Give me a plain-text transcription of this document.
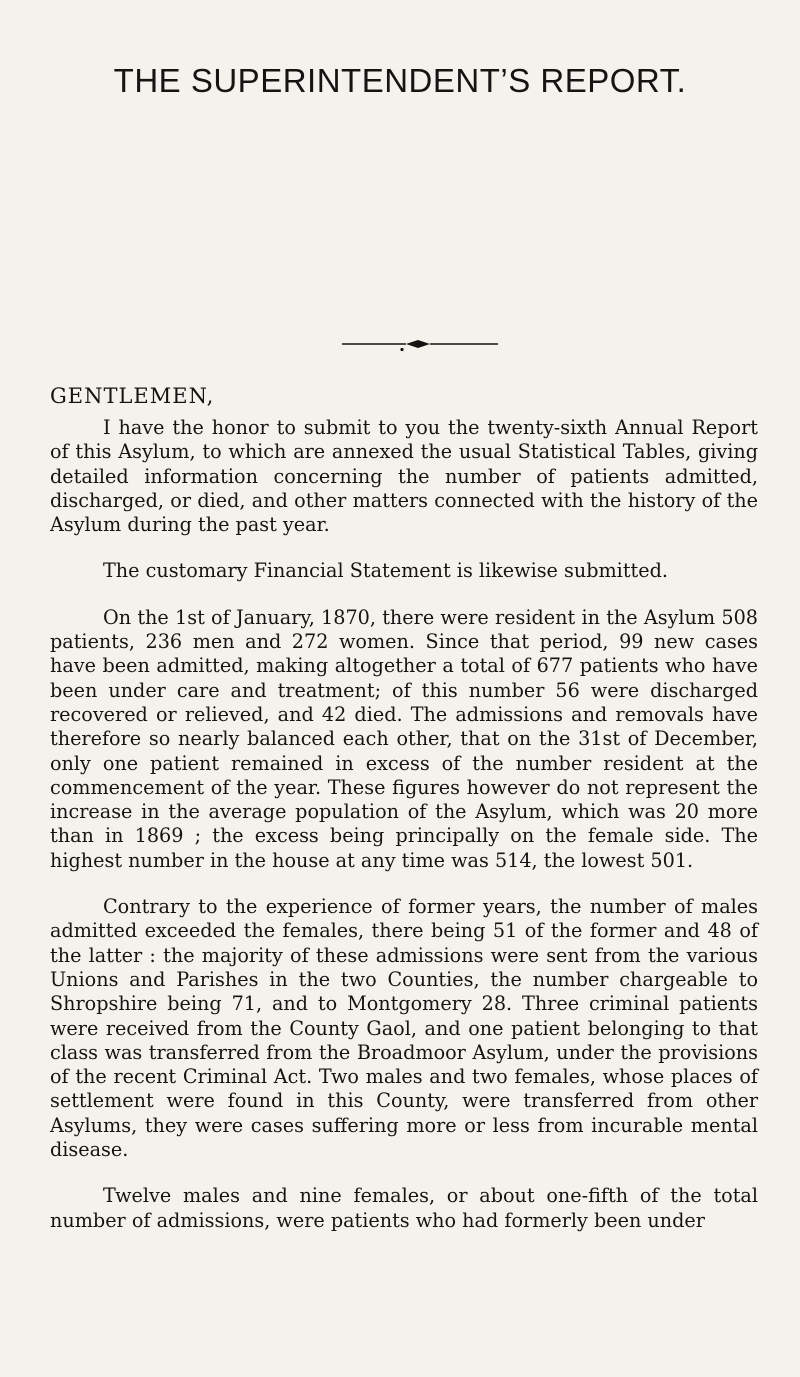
THE SUPERINTENDENT’S REPORT.

GENTLEMEN,

I have the honor to submit to you the twenty-sixth Annual Report of this Asylum, to which are annexed the usual Statistical Tables, giving detailed information concerning the number of patients admitted, discharged, or died, and other matters connected with the history of the Asylum during the past year.

The customary Financial Statement is likewise submitted.

On the 1st of January, 1870, there were resident in the Asylum 508 patients, 236 men and 272 women. Since that period, 99 new cases have been admitted, making altogether a total of 677 patients who have been under care and treatment; of this number 56 were discharged recovered or relieved, and 42 died. The admissions and removals have therefore so nearly balanced each other, that on the 31st of December, only one patient remained in excess of the number resident at the commencement of the year. These figures however do not represent the increase in the average population of the Asylum, which was 20 more than in 1869 ; the excess being principally on the female side. The highest number in the house at any time was 514, the lowest 501.

Contrary to the experience of former years, the number of males admitted exceeded the females, there being 51 of the former and 48 of the latter : the majority of these admissions were sent from the various Unions and Parishes in the two Counties, the number chargeable to Shropshire being 71, and to Montgomery 28. Three criminal patients were received from the County Gaol, and one patient belonging to that class was transferred from the Broadmoor Asylum, under the provisions of the recent Criminal Act. Two males and two females, whose places of settlement were found in this County, were transferred from other Asylums, they were cases suffering more or less from incurable mental disease.

Twelve males and nine females, or about one-fifth of the total number of admissions, were patients who had formerly been under
